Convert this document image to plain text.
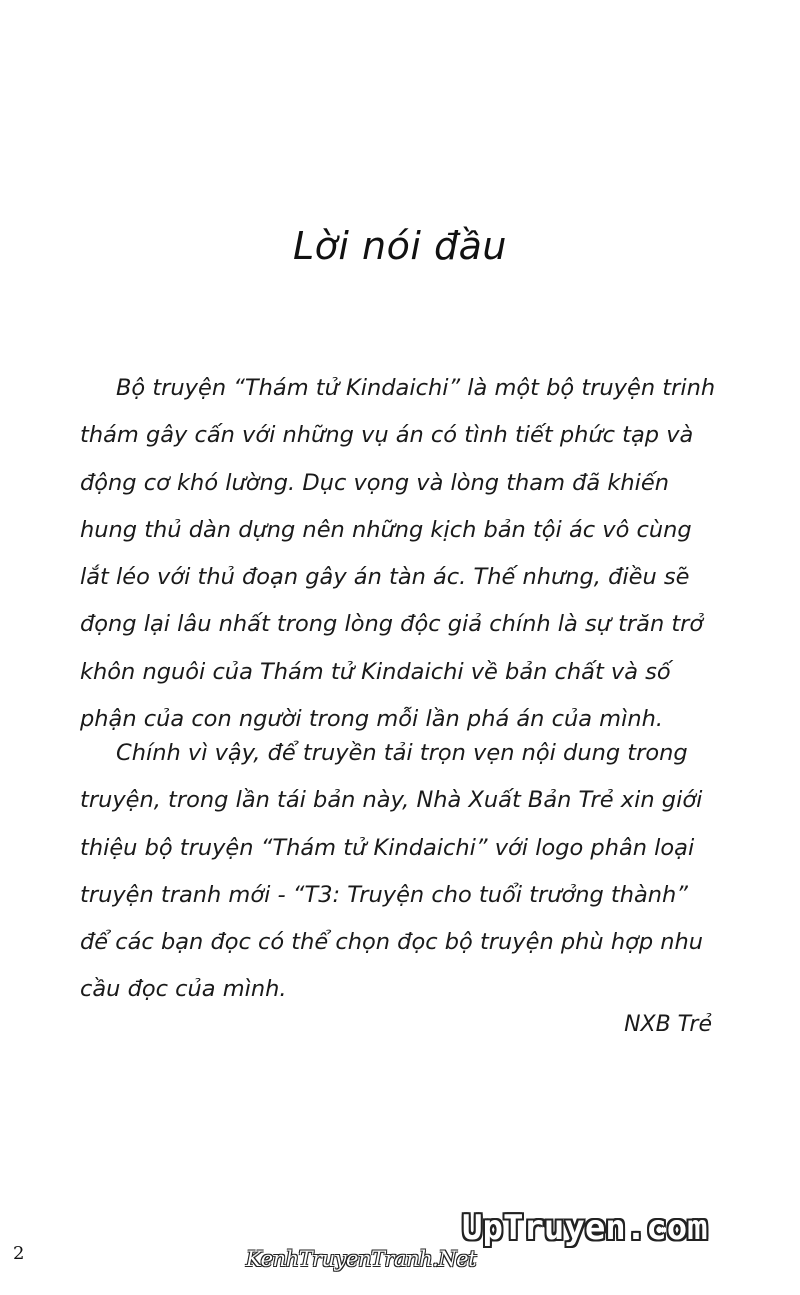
Lời nói đầu
Bộ truyện “Thám tử Kindaichi” là một bộ truyện trinh
thám gây cấn với những vụ án có tình tiết phức tạp và
động cơ khó lường. Dục vọng và lòng tham đã khiến
hung thủ dàn dựng nên những kịch bản tội ác vô cùng
lắt léo với thủ đoạn gây án tàn ác. Thế nhưng, điều sẽ
đọng lại lâu nhất trong lòng độc giả chính là sự trăn trở
khôn nguôi của Thám tử Kindaichi về bản chất và số
phận của con người trong mỗi lần phá án của mình.
Chính vì vậy, để truyền tải trọn vẹn nội dung trong
truyện, trong lần tái bản này, Nhà Xuất Bản Trẻ xin giới
thiệu bộ truyện “Thám tử Kindaichi” với logo phân loại
truyện tranh mới - “T3: Truyện cho tuổi trưởng thành”
để các bạn đọc có thể chọn đọc bộ truyện phù hợp nhu
cầu đọc của mình.
NXB Trẻ
2	KenhTruyenTranh.Net
UpTruyen.com
